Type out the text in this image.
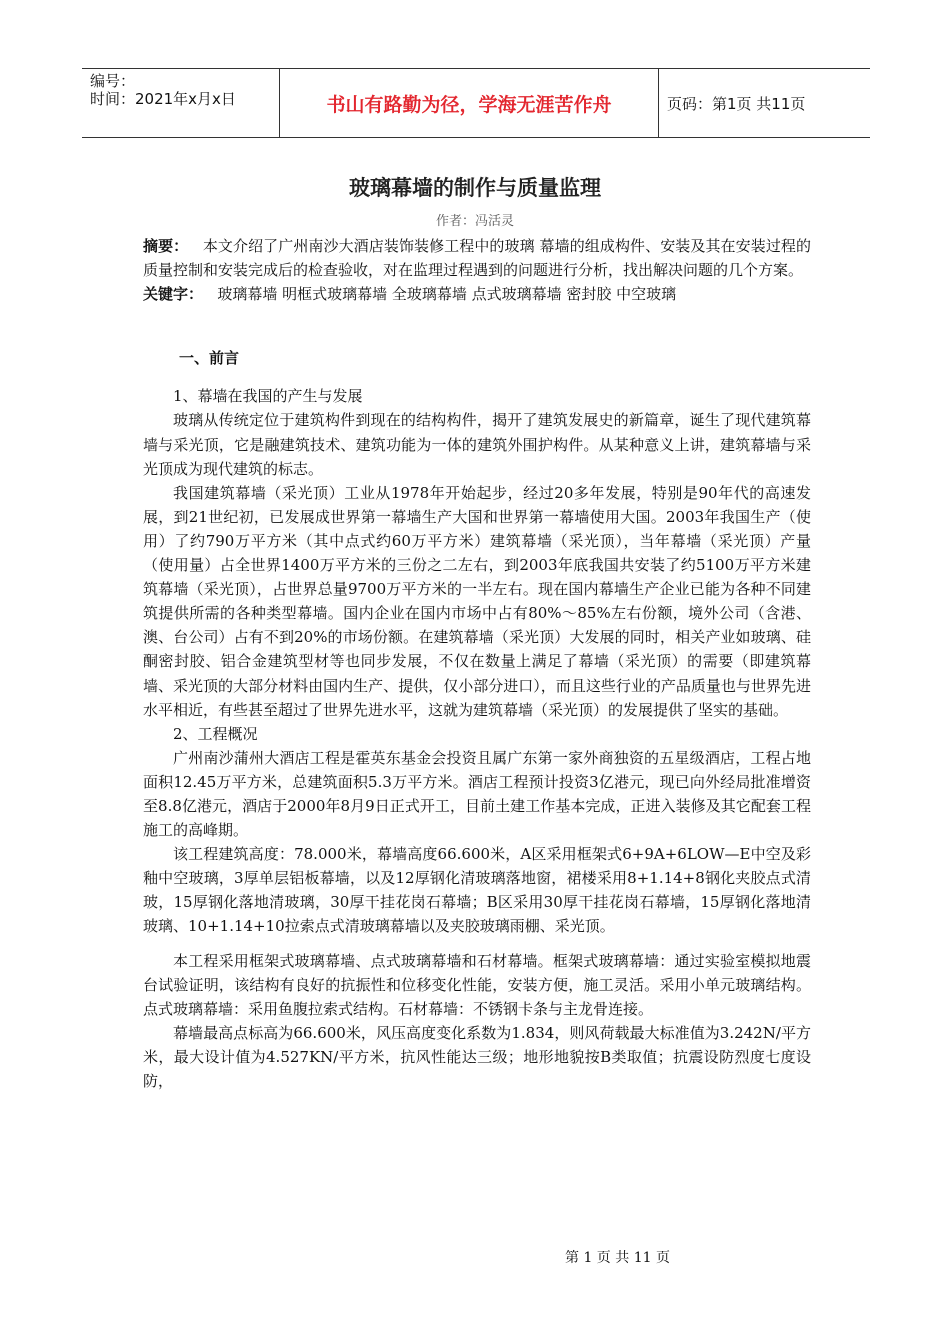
编号：
时间：2021年x月x日	书山有路勤为径，学海无涯苦作舟	页码：第1页 共11页
玻璃幕墙的制作与质量监理
作者：冯活灵

摘要： 本文介绍了广州南沙大酒店装饰装修工程中的玻璃 幕墙的组成构件、安装及其在安装过程的质量控制和安装完成后的检查验收，对在监理过程遇到的问题进行分析，找出解决问题的几个方案。

关键字： 玻璃幕墙 明框式玻璃幕墙 全玻璃幕墙 点式玻璃幕墙 密封胶 中空玻璃

一、前言

1、幕墙在我国的产生与发展

玻璃从传统定位于建筑构件到现在的结构构件，揭开了建筑发展史的新篇章，诞生了现代建筑幕墙与采光顶，它是融建筑技术、建筑功能为一体的建筑外围护构件。从某种意义上讲，建筑幕墙与采光顶成为现代建筑的标志。

我国建筑幕墙（采光顶）工业从1978年开始起步，经过20多年发展，特别是90年代的高速发展，到21世纪初，已发展成世界第一幕墙生产大国和世界第一幕墙使用大国。2003年我国生产（使用）了约790万平方米（其中点式约60万平方米）建筑幕墙（采光顶），当年幕墙（采光顶）产量（使用量）占全世界1400万平方米的三份之二左右，到2003年底我国共安装了约5100万平方米建筑幕墙（采光顶），占世界总量9700万平方米的一半左右。现在国内幕墙生产企业已能为各种不同建筑提供所需的各种类型幕墙。国内企业在国内市场中占有80%～85%左右份额，境外公司（含港、澳、台公司）占有不到20%的市场份额。在建筑幕墙（采光顶）大发展的同时，相关产业如玻璃、硅酮密封胶、铝合金建筑型材等也同步发展，不仅在数量上满足了幕墙（采光顶）的需要（即建筑幕墙、采光顶的大部分材料由国内生产、提供，仅小部分进口），而且这些行业的产品质量也与世界先进水平相近，有些甚至超过了世界先进水平，这就为建筑幕墙（采光顶）的发展提供了坚实的基础。

2、工程概况

广州南沙蒲州大酒店工程是霍英东基金会投资且属广东第一家外商独资的五星级酒店，工程占地面积12.45万平方米，总建筑面积5.3万平方米。酒店工程预计投资3亿港元，现已向外经局批准增资至8.8亿港元，酒店于2000年8月9日正式开工，目前土建工作基本完成，正进入装修及其它配套工程施工的高峰期。

该工程建筑高度：78.000米，幕墙高度66.600米，A区采用框架式6+9A+6LOW—E中空及彩釉中空玻璃，3厚单层铝板幕墙，以及12厚钢化清玻璃落地窗，裙楼采用8+1.14+8钢化夹胶点式清玻，15厚钢化落地清玻璃，30厚干挂花岗石幕墙；B区采用30厚干挂花岗石幕墙，15厚钢化落地清玻璃、10+1.14+10拉索点式清玻璃幕墙以及夹胶玻璃雨棚、采光顶。

本工程采用框架式玻璃幕墙、点式玻璃幕墙和石材幕墙。框架式玻璃幕墙：通过实验室模拟地震台试验证明，该结构有良好的抗振性和位移变化性能，安装方便，施工灵活。采用小单元玻璃结构。点式玻璃幕墙：采用鱼腹拉索式结构。石材幕墙：不锈钢卡条与主龙骨连接。

幕墙最高点标高为66.600米，风压高度变化系数为1.834，则风荷载最大标准值为3.242N/平方米，最大设计值为4.527KN/平方米，抗风性能达三级；地形地貌按B类取值；抗震设防烈度七度设防，

第 1 页 共 11 页
